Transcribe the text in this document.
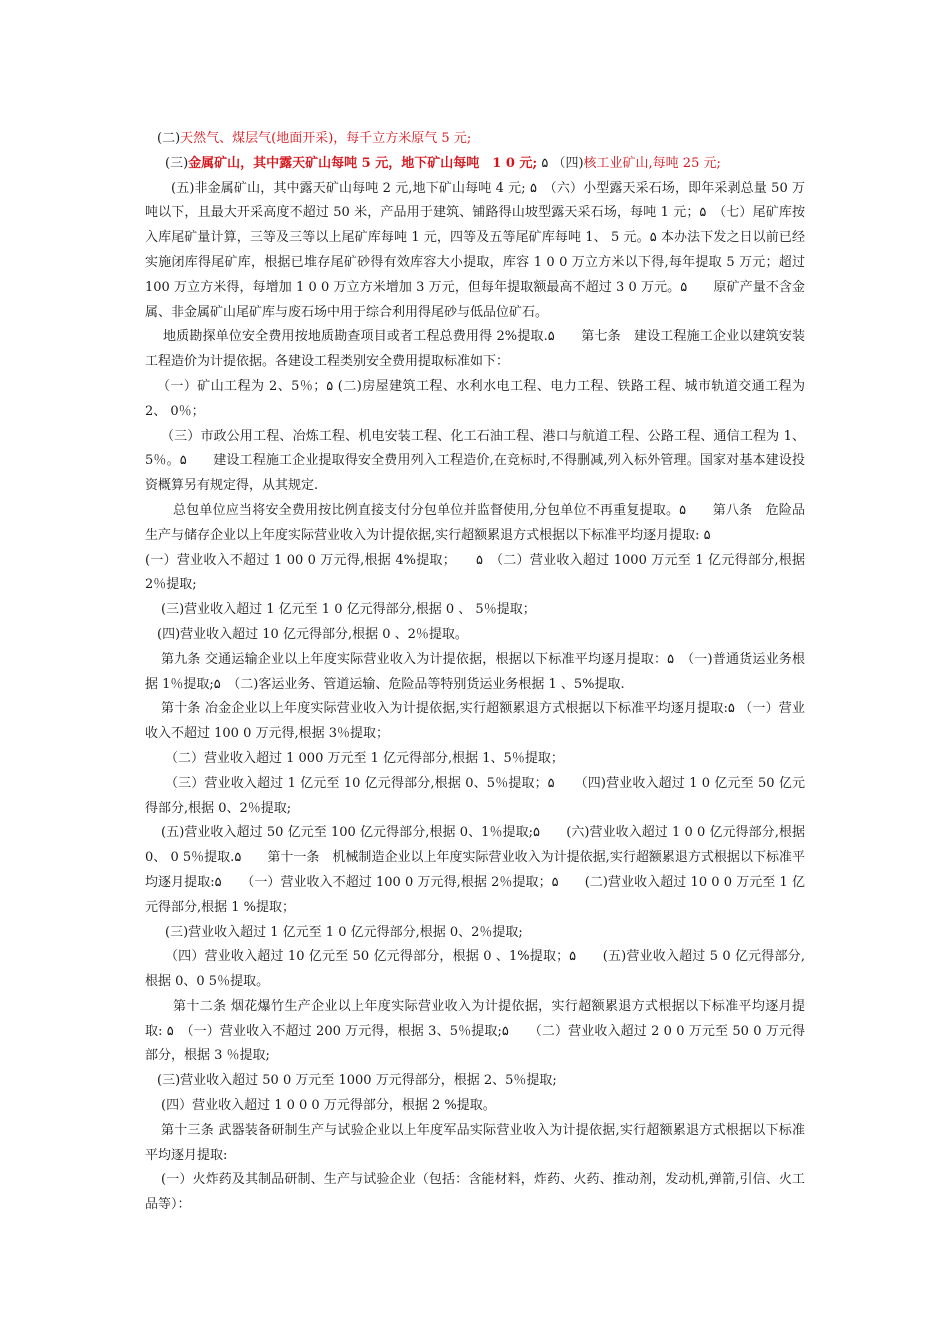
(二)天然气、煤层气(地面开采)，每千立方米原气 5 元;

(三)金属矿山，其中露天矿山每吨 5 元，地下矿山每吨　1 0 元; ۵ （四)核工业矿山,每吨 25 元;

(五)非金属矿山，其中露天矿山每吨 2 元,地下矿山每吨 4 元; ۵　（六）小型露天采石场，即年采剥总量 50 万吨以下，且最大开采高度不超过 50 米，产品用于建筑、铺路得山坡型露天采石场，每吨 1 元；۵　（七）尾矿库按入库尾矿量计算，三等及三等以上尾矿库每吨 1 元，四等及五等尾矿库每吨 1、 5 元。۵ 本办法下发之日以前已经实施闭库得尾矿库，根据已堆存尾矿砂得有效库容大小提取，库容 1 0 0 万立方米以下得,每年提取 5 万元；超过 100 万立方米得，每增加 1 0 0 万立方米增加 3 万元，但每年提取额最高不超过 3 0 万元。۵　　原矿产量不含金属、非金属矿山尾矿库与废石场中用于综合利用得尾砂与低品位矿石。

地质勘探单位安全费用按地质勘查项目或者工程总费用得 2%提取.۵　　第七条　建设工程施工企业以建筑安装工程造价为计提依据。各建设工程类别安全费用提取标准如下：

（一）矿山工程为 2、5％；۵ (二)房屋建筑工程、水利水电工程、电力工程、铁路工程、城市轨道交通工程为 2、 0％；

（三）市政公用工程、冶炼工程、机电安装工程、化工石油工程、港口与航道工程、公路工程、通信工程为 1、 5％。۵　　建设工程施工企业提取得安全费用列入工程造价,在竞标时,不得删减,列入标外管理。国家对基本建设投资概算另有规定得，从其规定.

总包单位应当将安全费用按比例直接支付分包单位并监督使用,分包单位不再重复提取。۵　　第八条　危险品生产与储存企业以上年度实际营业收入为计提依据,实行超额累退方式根据以下标准平均逐月提取: ۵

(一）营业收入不超过 1 00 0 万元得,根据 4%提取；　　۵　（二）营业收入超过 1000 万元至 1 亿元得部分,根据 2％提取;

(三)营业收入超过 1 亿元至 1 0 亿元得部分,根据 0 、 5％提取；

(四)营业收入超过 10 亿元得部分,根据 0 、2％提取。

第九条 交通运输企业以上年度实际营业收入为计提依据，根据以下标准平均逐月提取：۵　（一)普通货运业务根据 1％提取;۵　（二)客运业务、管道运输、危险品等特别货运业务根据 1 、5%提取.

第十条 冶金企业以上年度实际营业收入为计提依据,实行超额累退方式根据以下标准平均逐月提取:۵ （一）营业收入不超过 100 0 万元得,根据 3％提取；

（二）营业收入超过 1 000 万元至 1 亿元得部分,根据 1、5％提取；

（三）营业收入超过 1 亿元至 10 亿元得部分,根据 0、5％提取；۵　　（四)营业收入超过 1 0 亿元至 50 亿元得部分,根据 0、2％提取;

(五)营业收入超过 50 亿元至 100 亿元得部分,根据 0、1％提取;۵　　(六)营业收入超过 1 0 0 亿元得部分,根据 0、 0 5％提取.۵　　第十一条　机械制造企业以上年度实际营业收入为计提依据,实行超额累退方式根据以下标准平均逐月提取:۵　　（一）营业收入不超过 100 0 万元得,根据 2％提取；۵　　(二)营业收入超过 10 0 0 万元至 1 亿元得部分,根据 1 %提取；

(三)营业收入超过 1 亿元至 1 0 亿元得部分,根据 0、2％提取;

（四）营业收入超过 10 亿元至 50 亿元得部分，根据 0 、1%提取；۵　　(五)营业收入超过 5 0 亿元得部分,根据 0、0 5％提取。

第十二条 烟花爆竹生产企业以上年度实际营业收入为计提依据，实行超额累退方式根据以下标准平均逐月提取: ۵　（一）营业收入不超过 200 万元得，根据 3、5％提取;۵　　（二）营业收入超过 2 0 0 万元至 50 0 万元得部分，根据 3 ％提取;

(三)营业收入超过 50 0 万元至 1000 万元得部分，根据 2、5％提取;

(四）营业收入超过 1 0 0 0 万元得部分，根据 2 %提取。

第十三条 武器装备研制生产与试验企业以上年度军品实际营业收入为计提依据,实行超额累退方式根据以下标准平均逐月提取:

(一）火炸药及其制品研制、生产与试验企业（包括：含能材料，炸药、火药、推动剂，发动机,弹箭,引信、火工品等）：
